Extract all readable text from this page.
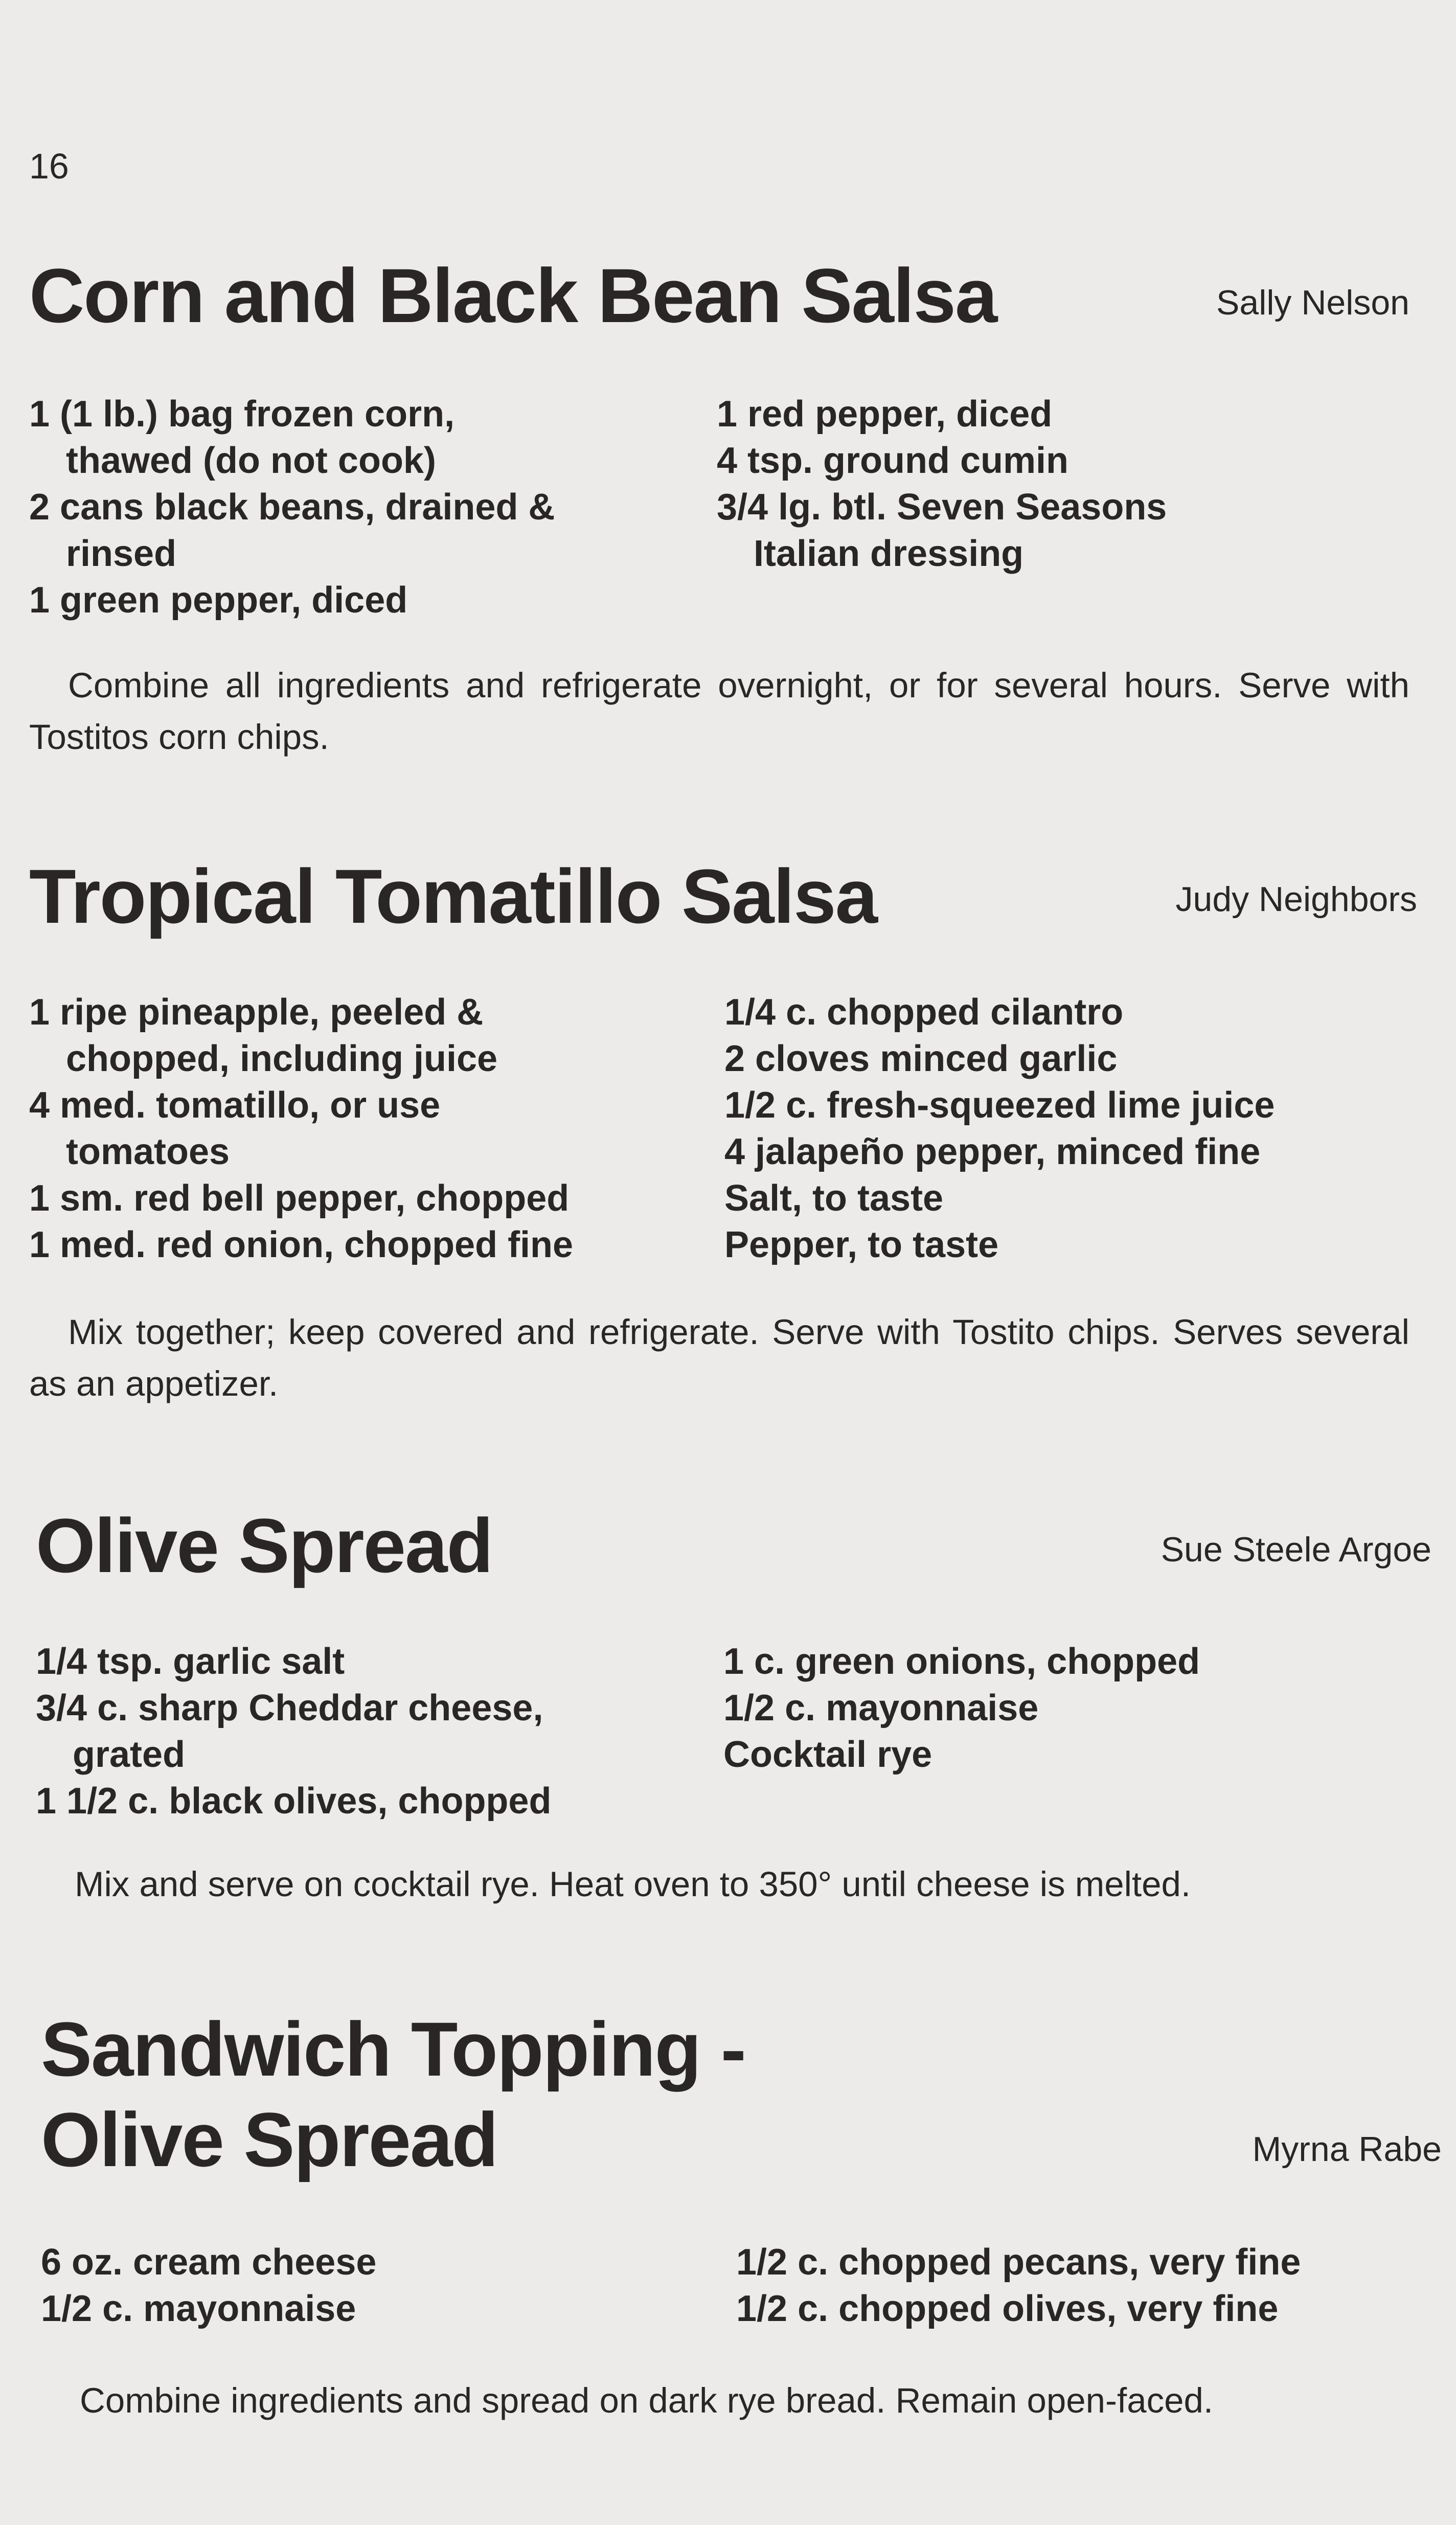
16
Corn and Black Bean Salsa	Sally Nelson

1 (1 lb.) bag frozen corn,
thawed (do not cook)

2 cans black beans, drained &
rinsed

1 green pepper, diced

1 red pepper, diced

4 tsp. ground cumin

3/4 lg. btl. Seven Seasons
Italian dressing

Combine all ingredients and refrigerate overnight, or for several hours. Serve with Tostitos corn chips.

Tropical Tomatillo Salsa	Judy Neighbors

1 ripe pineapple, peeled &
chopped, including juice

4 med. tomatillo, or use
tomatoes

1 sm. red bell pepper, chopped

1 med. red onion, chopped fine

1/4 c. chopped cilantro

2 cloves minced garlic

1/2 c. fresh-squeezed lime juice

4 jalapeño pepper, minced fine

Salt, to taste

Pepper, to taste

Mix together; keep covered and refrigerate. Serve with Tostito chips. Serves several as an appetizer.

Olive Spread	Sue Steele Argoe

1/4 tsp. garlic salt

3/4 c. sharp Cheddar cheese,
grated

1 1/2 c. black olives, chopped

1 c. green onions, chopped

1/2 c. mayonnaise

Cocktail rye

Mix and serve on cocktail rye. Heat oven to 350° until cheese is melted.

Sandwich Topping -
Olive Spread	Myrna Rabe

6 oz. cream cheese

1/2 c. mayonnaise

1/2 c. chopped pecans, very fine

1/2 c. chopped olives, very fine

Combine ingredients and spread on dark rye bread. Remain open-faced.
